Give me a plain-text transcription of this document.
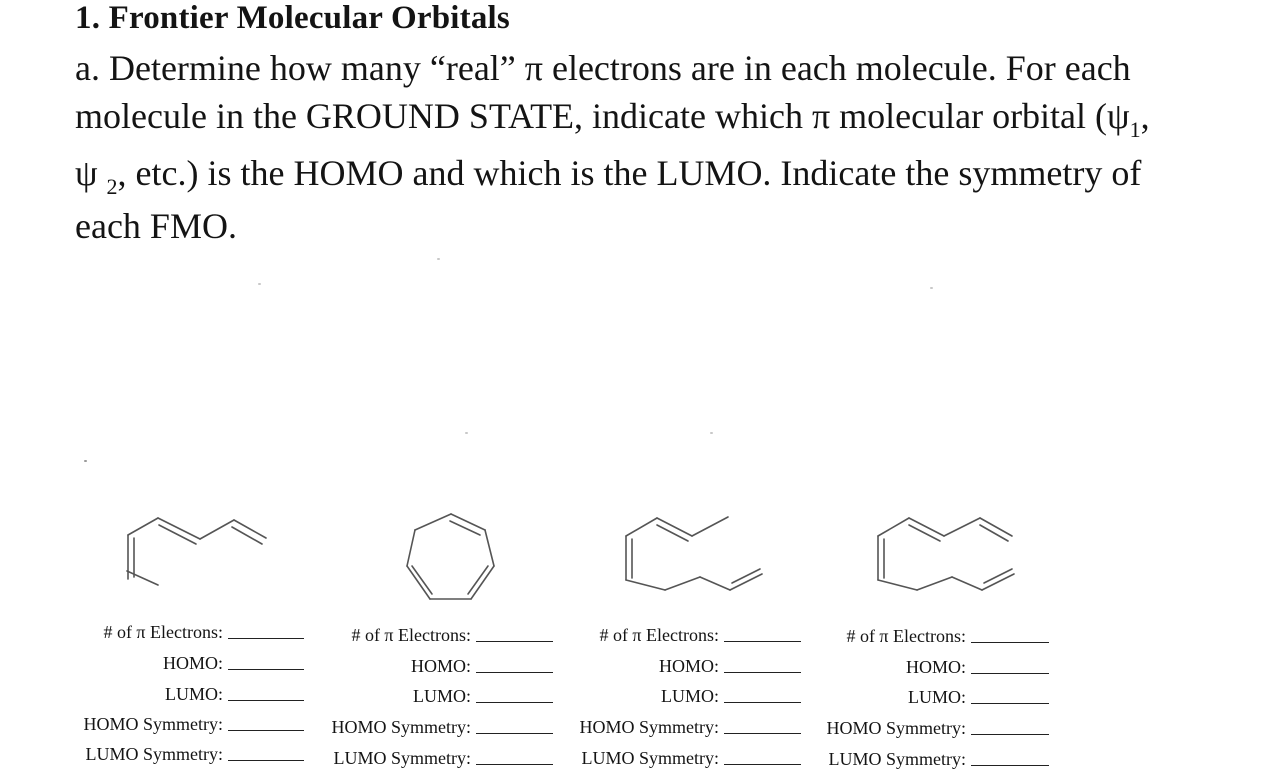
1. Frontier Molecular Orbitals
a. Determine how many “real” π electrons are in each molecule. For each
molecule in the GROUND STATE, indicate which π molecular orbital ($\psi_1$,
ψ $_2$, etc.) is the HOMO and which is the LUMO. Indicate the symmetry of
each FMO.
# of π Electrons:
HOMO:
LUMO:
HOMO Symmetry:
LUMO Symmetry:
# of π Electrons:
HOMO:
LUMO:
HOMO Symmetry:
LUMO Symmetry:
# of π Electrons:
HOMO:
LUMO:
HOMO Symmetry:
LUMO Symmetry:
# of π Electrons:
HOMO:
LUMO:
HOMO Symmetry:
LUMO Symmetry:
